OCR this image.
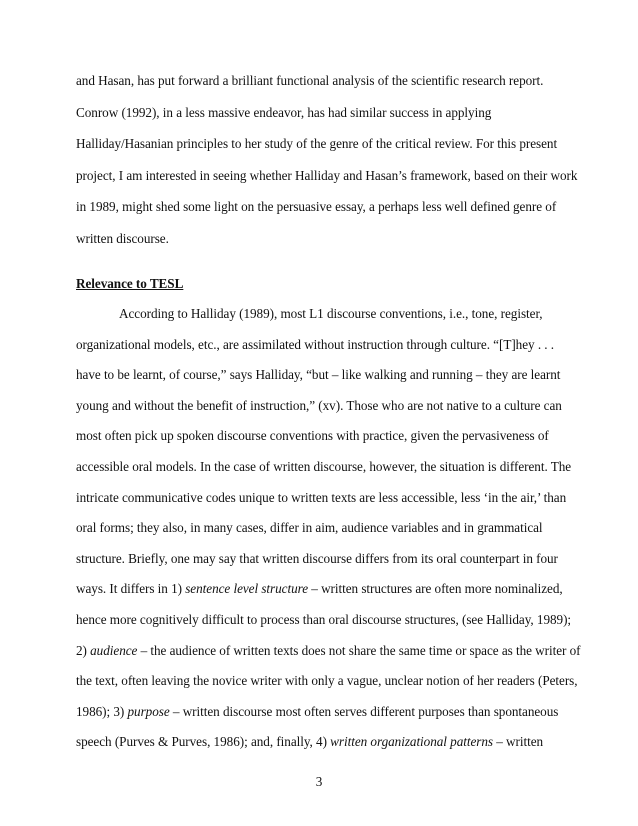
and Hasan, has put forward a brilliant functional analysis of the scientific research report.
Conrow (1992), in a less massive endeavor, has had similar success in applying
Halliday/Hasanian principles to her study of the genre of the critical review. For this present
project, I am interested in seeing whether Halliday and Hasan’s framework, based on their work
in 1989, might shed some light on the persuasive essay, a perhaps less well defined genre of
written discourse.
Relevance to TESL
According to Halliday (1989), most L1 discourse conventions, i.e., tone, register,
organizational models, etc., are assimilated without instruction through culture. “[T]hey . . .
have to be learnt, of course,” says Halliday, “but – like walking and running – they are learnt
young and without the benefit of instruction,” (xv). Those who are not native to a culture can
most often pick up spoken discourse conventions with practice, given the pervasiveness of
accessible oral models. In the case of written discourse, however, the situation is different. The
intricate communicative codes unique to written texts are less accessible, less ‘in the air,’ than
oral forms; they also, in many cases, differ in aim, audience variables and in grammatical
structure. Briefly, one may say that written discourse differs from its oral counterpart in four
ways. It differs in 1) sentence level structure – written structures are often more nominalized,
hence more cognitively difficult to process than oral discourse structures, (see Halliday, 1989);
2) audience – the audience of written texts does not share the same time or space as the writer of
the text, often leaving the novice writer with only a vague, unclear notion of her readers (Peters,
1986); 3) purpose – written discourse most often serves different purposes than spontaneous
speech (Purves & Purves, 1986); and, finally, 4) written organizational patterns – written
3
